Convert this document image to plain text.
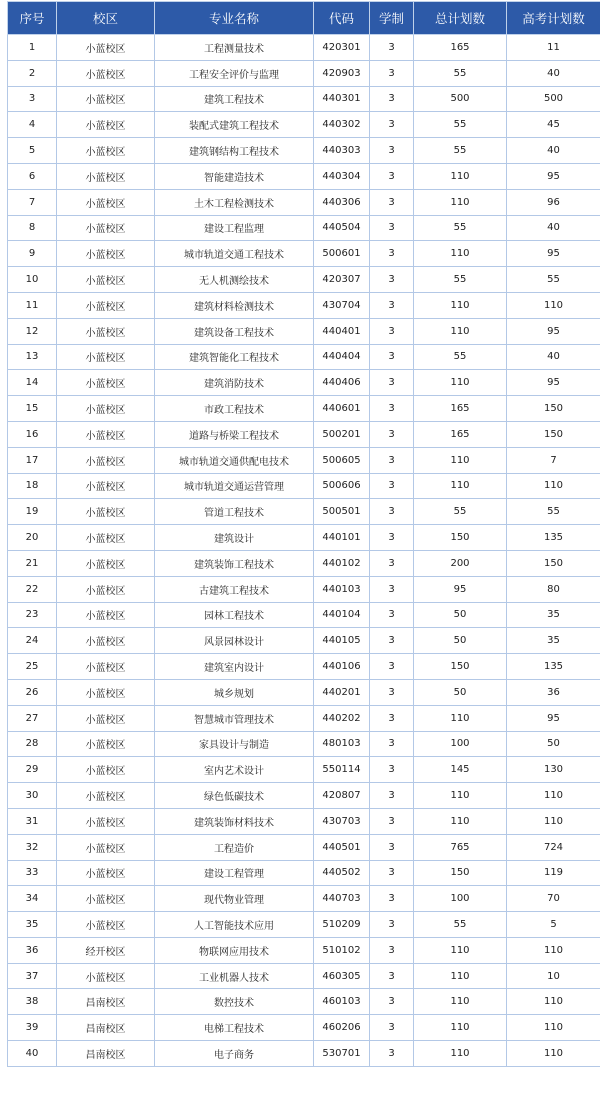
序号	校区	专业名称	代码	学制	总计划数	高考计划数
1	小蓝校区	工程测量技术	420301	3	165	11
2	小蓝校区	工程安全评价与监理	420903	3	55	40
3	小蓝校区	建筑工程技术	440301	3	500	500
4	小蓝校区	装配式建筑工程技术	440302	3	55	45
5	小蓝校区	建筑钢结构工程技术	440303	3	55	40
6	小蓝校区	智能建造技术	440304	3	110	95
7	小蓝校区	土木工程检测技术	440306	3	110	96
8	小蓝校区	建设工程监理	440504	3	55	40
9	小蓝校区	城市轨道交通工程技术	500601	3	110	95
10	小蓝校区	无人机测绘技术	420307	3	55	55
11	小蓝校区	建筑材料检测技术	430704	3	110	110
12	小蓝校区	建筑设备工程技术	440401	3	110	95
13	小蓝校区	建筑智能化工程技术	440404	3	55	40
14	小蓝校区	建筑消防技术	440406	3	110	95
15	小蓝校区	市政工程技术	440601	3	165	150
16	小蓝校区	道路与桥梁工程技术	500201	3	165	150
17	小蓝校区	城市轨道交通供配电技术	500605	3	110	7
18	小蓝校区	城市轨道交通运营管理	500606	3	110	110
19	小蓝校区	管道工程技术	500501	3	55	55
20	小蓝校区	建筑设计	440101	3	150	135
21	小蓝校区	建筑装饰工程技术	440102	3	200	150
22	小蓝校区	古建筑工程技术	440103	3	95	80
23	小蓝校区	园林工程技术	440104	3	50	35
24	小蓝校区	风景园林设计	440105	3	50	35
25	小蓝校区	建筑室内设计	440106	3	150	135
26	小蓝校区	城乡规划	440201	3	50	36
27	小蓝校区	智慧城市管理技术	440202	3	110	95
28	小蓝校区	家具设计与制造	480103	3	100	50
29	小蓝校区	室内艺术设计	550114	3	145	130
30	小蓝校区	绿色低碳技术	420807	3	110	110
31	小蓝校区	建筑装饰材料技术	430703	3	110	110
32	小蓝校区	工程造价	440501	3	765	724
33	小蓝校区	建设工程管理	440502	3	150	119
34	小蓝校区	现代物业管理	440703	3	100	70
35	小蓝校区	人工智能技术应用	510209	3	55	5
36	经开校区	物联网应用技术	510102	3	110	110
37	小蓝校区	工业机器人技术	460305	3	110	10
38	昌南校区	数控技术	460103	3	110	110
39	昌南校区	电梯工程技术	460206	3	110	110
40	昌南校区	电子商务	530701	3	110	110
